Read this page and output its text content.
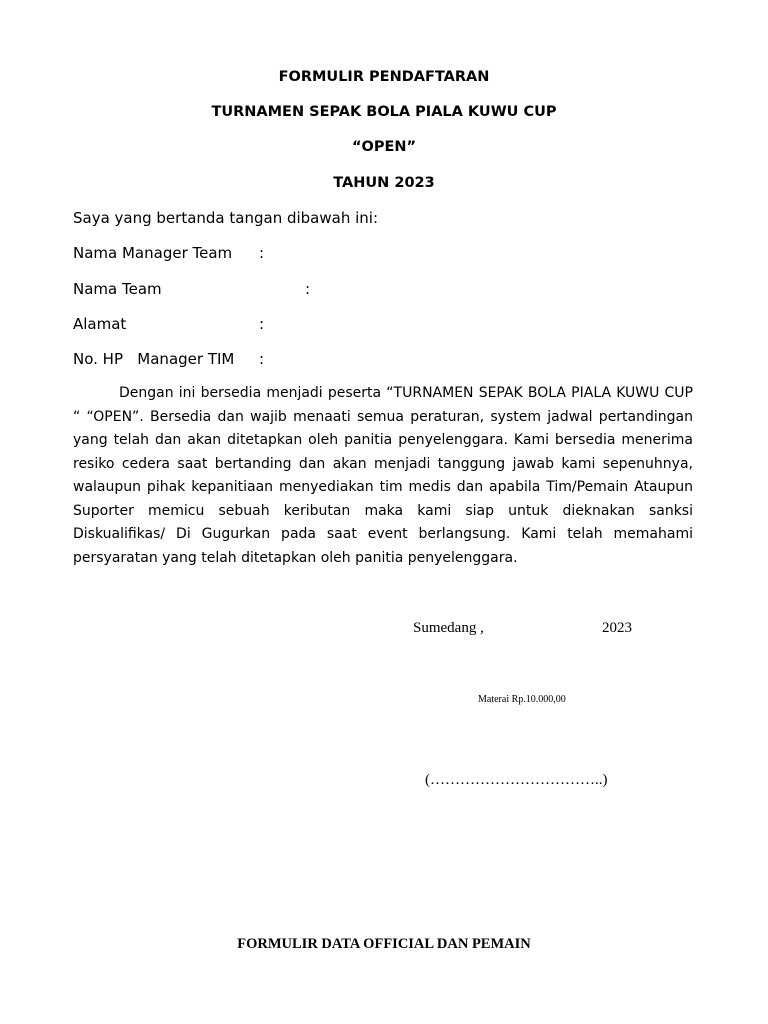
FORMULIR PENDAFTARAN
TURNAMEN SEPAK BOLA PIALA KUWU CUP
“OPEN”
TAHUN 2023
Saya yang bertanda tangan dibawah ini:
Nama Manager Team :
Nama Team	:
Alamat	:
No. HP   Manager TIM :

Dengan ini bersedia menjadi peserta “TURNAMEN SEPAK BOLA PIALA KUWU CUP “ “OPEN”. Bersedia dan wajib menaati semua peraturan, system jadwal pertandingan yang telah dan akan ditetapkan oleh panitia penyelenggara. Kami bersedia menerima resiko cedera saat bertanding dan akan menjadi tanggung jawab kami sepenuhnya, walaupun pihak kepanitiaan menyediakan tim medis dan apabila Tim/Pemain Ataupun Suporter memicu sebuah keributan maka kami siap untuk dieknakan sanksi Diskualifikas/ Di Gugurkan pada saat event berlangsung. Kami telah memahami persyaratan yang telah ditetapkan oleh panitia penyelenggara.

Sumedang ,	2023
Materai Rp.10.000,00
(……………………………..)
FORMULIR DATA OFFICIAL DAN PEMAIN
